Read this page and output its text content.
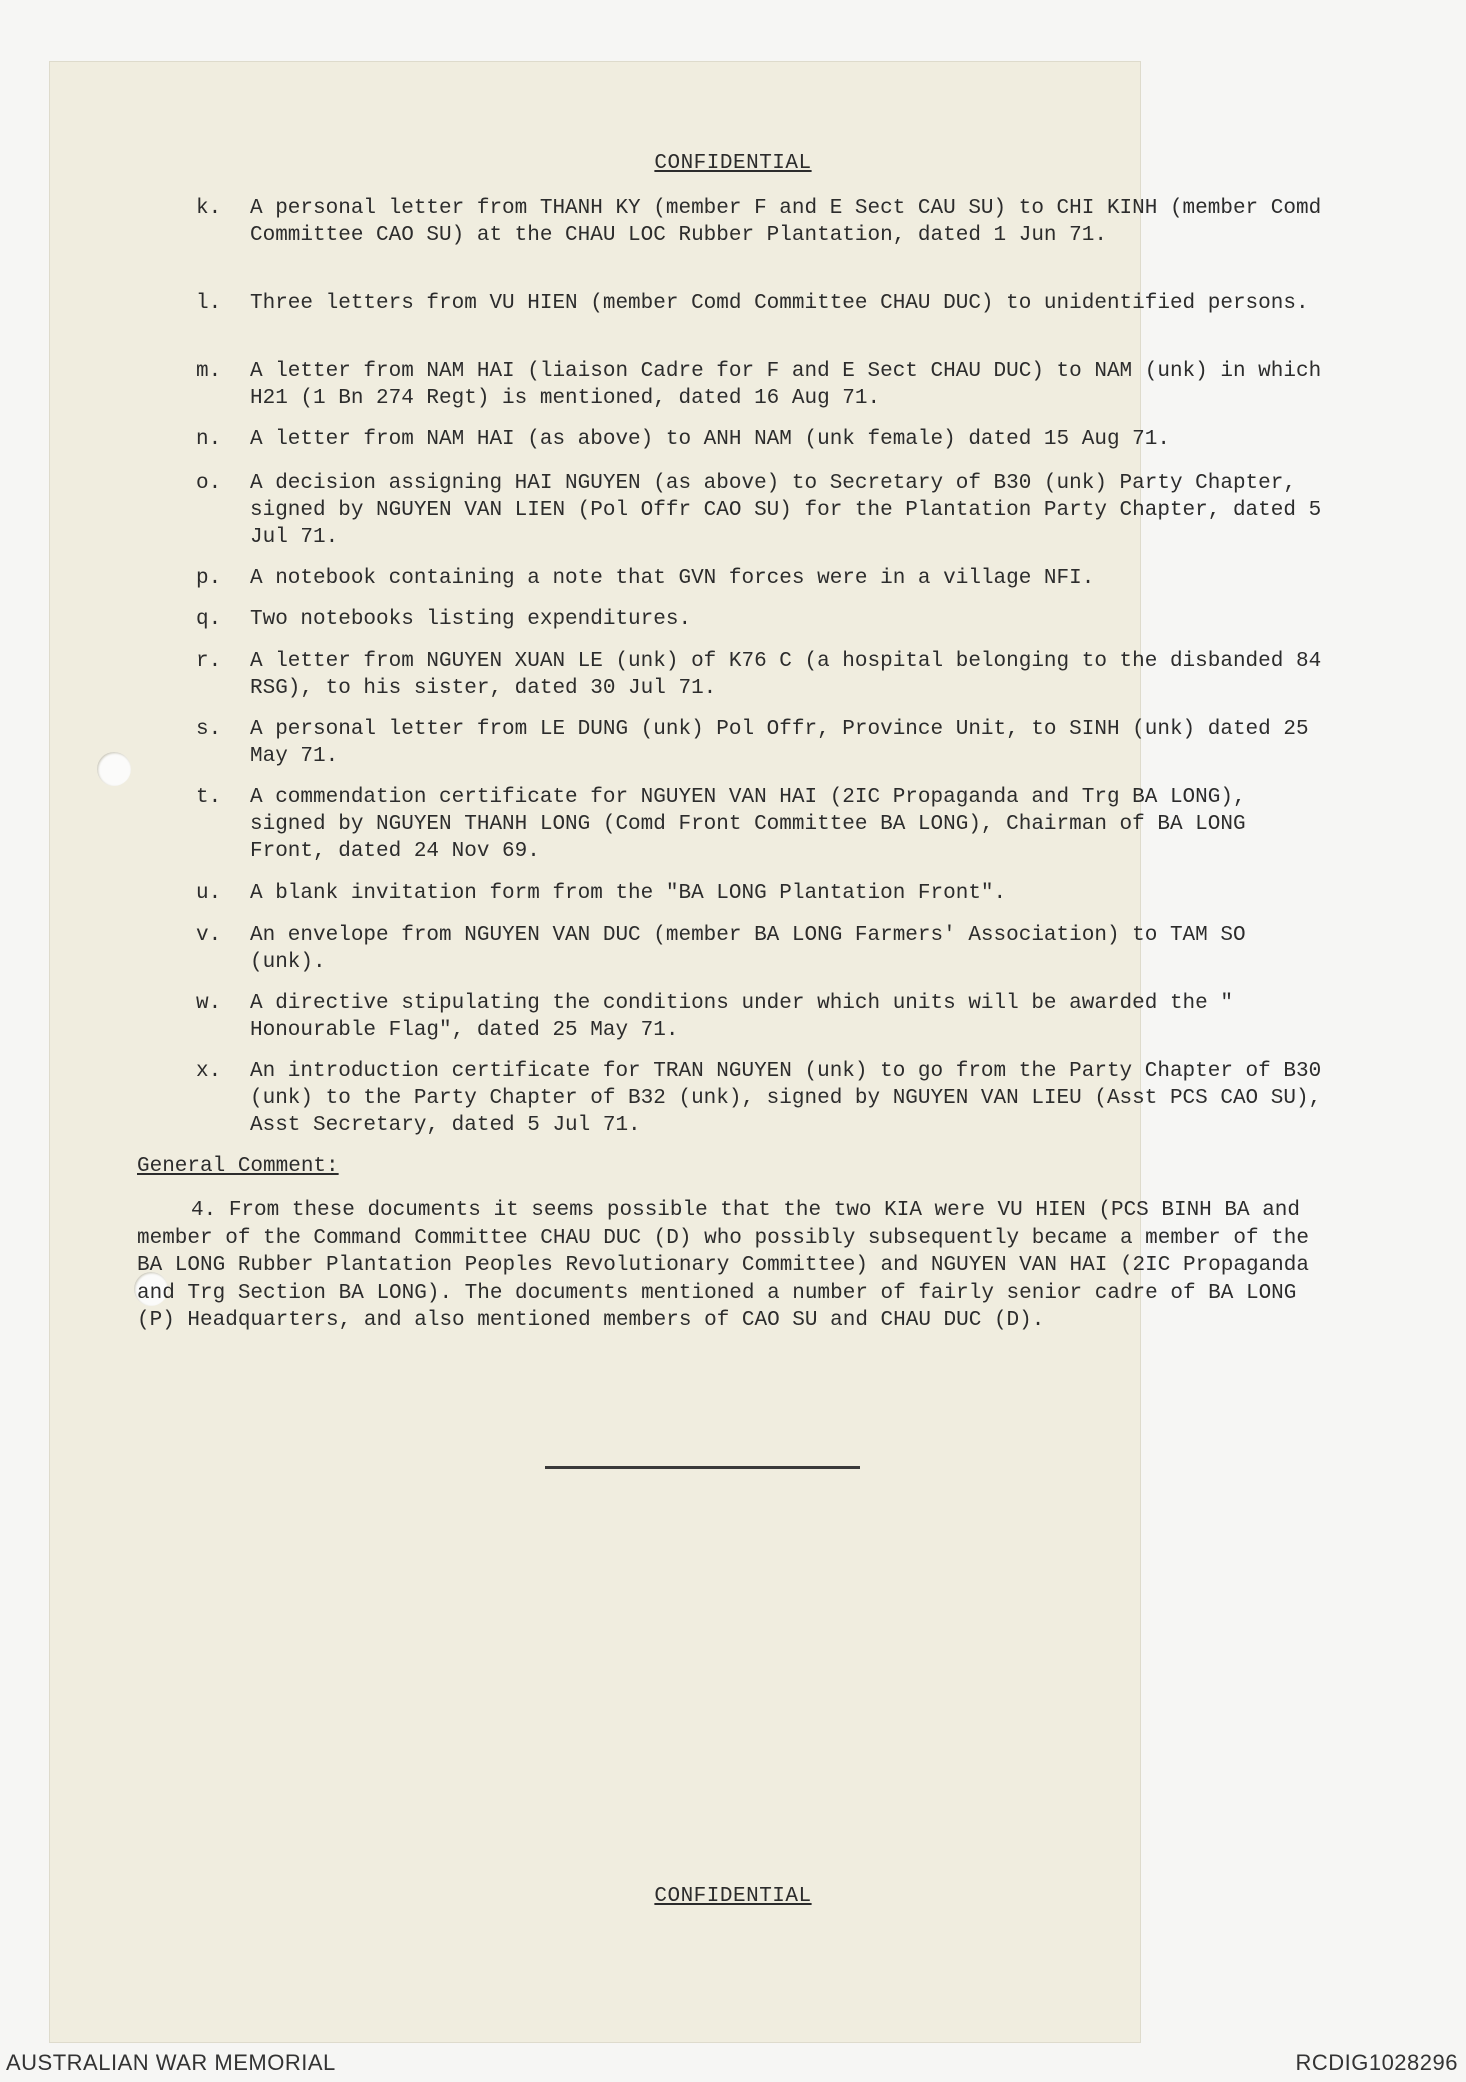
CONFIDENTIAL
k.	A personal letter from THANH KY (member F and E Sect CAU SU) to CHI KINH (member Comd Committee CAO SU) at the CHAU LOC Rubber Plantation, dated 1 Jun 71.
l.	Three letters from VU HIEN (member Comd Committee CHAU DUC) to unidentified persons.
m.	A letter from NAM HAI (liaison Cadre for F and E Sect CHAU DUC) to NAM (unk) in which H21 (1 Bn 274 Regt) is mentioned, dated 16 Aug 71.
n.	A letter from NAM HAI (as above) to ANH NAM (unk female) dated 15 Aug 71.
o.	A decision assigning HAI NGUYEN (as above) to Secretary of B30 (unk) Party Chapter, signed by NGUYEN VAN LIEN (Pol Offr CAO SU) for the Plantation Party Chapter, dated 5 Jul 71.
p.	A notebook containing a note that GVN forces were in a village NFI.
q.	Two notebooks listing expenditures.
r.	A letter from NGUYEN XUAN LE (unk) of K76 C (a hospital belonging to the disbanded 84 RSG), to his sister, dated 30 Jul 71.
s.	A personal letter from LE DUNG (unk) Pol Offr, Province Unit, to SINH (unk) dated 25 May 71.
t.	A commendation certificate for NGUYEN VAN HAI (2IC Propaganda and Trg BA LONG), signed by NGUYEN THANH LONG (Comd Front Committee BA LONG), Chairman of BA LONG Front, dated 24 Nov 69.
u.	A blank invitation form from the "BA LONG Plantation Front".
v.	An envelope from NGUYEN VAN DUC (member BA LONG Farmers' Association) to TAM SO (unk).
w.	A directive stipulating the conditions under which units will be awarded the " Honourable Flag", dated 25 May 71.
x.	An introduction certificate for TRAN NGUYEN (unk) to go from the Party Chapter of B30 (unk) to the Party Chapter of B32 (unk), signed by NGUYEN VAN LIEU (Asst PCS CAO SU), Asst Secretary, dated 5 Jul 71.
General Comment:
4. From these documents it seems possible that the two KIA were VU HIEN (PCS BINH BA and member of the Command Committee CHAU DUC (D) who possibly subsequently became a member of the BA LONG Rubber Plantation Peoples Revolutionary Committee) and NGUYEN VAN HAI (2IC Propaganda and Trg Section BA LONG). The documents mentioned a number of fairly senior cadre of BA LONG (P) Headquarters, and also mentioned members of CAO SU and CHAU DUC (D).
CONFIDENTIAL
AUSTRALIAN WAR MEMORIAL	RCDIG1028296
